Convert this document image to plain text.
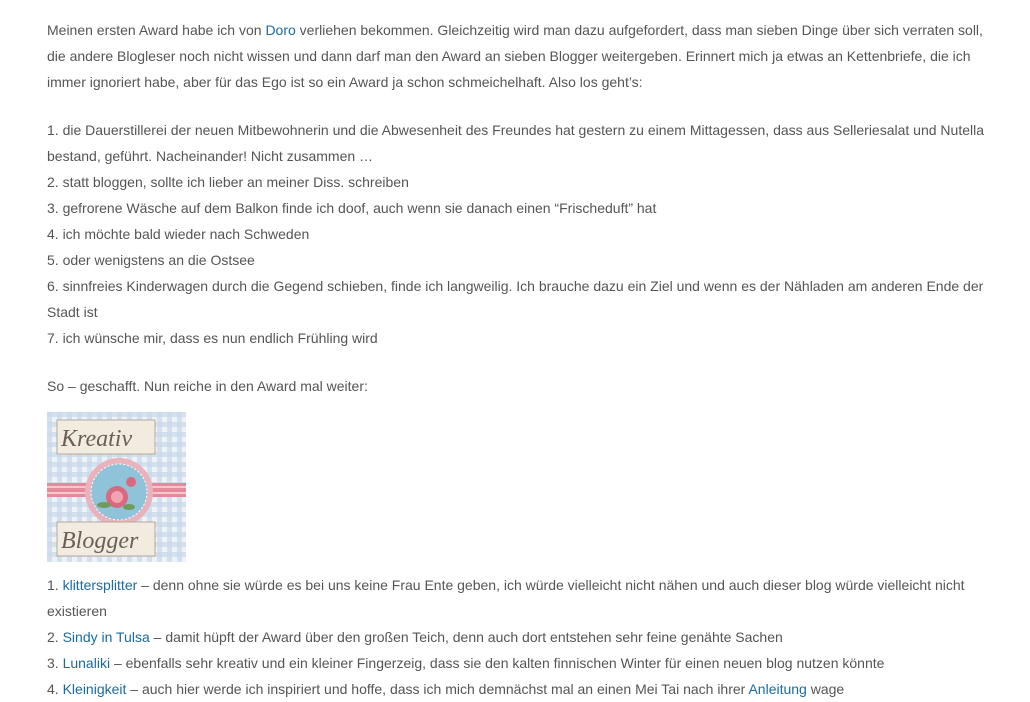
Meinen ersten Award habe ich von Doro verliehen bekommen. Gleichzeitig wird man dazu aufgefordert, dass man sieben Dinge über sich verraten soll, die andere Blogleser noch nicht wissen und dann darf man den Award an sieben Blogger weitergeben. Erinnert mich ja etwas an Kettenbriefe, die ich immer ignoriert habe, aber für das Ego ist so ein Award ja schon schmeichelhaft. Also los geht’s:

1. die Dauerstillerei der neuen Mitbewohnerin und die Abwesenheit des Freundes hat gestern zu einem Mittagessen, dass aus Selleriesalat und Nutella bestand, geführt. Nacheinander! Nicht zusammen …
2. statt bloggen, sollte ich lieber an meiner Diss. schreiben
3. gefrorene Wäsche auf dem Balkon finde ich doof, auch wenn sie danach einen “Frischeduft” hat
4. ich möchte bald wieder nach Schweden
5. oder wenigstens an die Ostsee
6. sinnfreies Kinderwagen durch die Gegend schieben, finde ich langweilig. Ich brauche dazu ein Ziel und wenn es der Nähladen am anderen Ende der Stadt ist
7. ich wünsche mir, dass es nun endlich Frühling wird

So – geschafft. Nun reiche in den Award mal weiter:

Kreativ
Blogger
1. klittersplitter – denn ohne sie würde es bei uns keine Frau Ente geben, ich würde vielleicht nicht nähen und auch dieser blog würde vielleicht nicht existieren
2. Sindy in Tulsa – damit hüpft der Award über den großen Teich, denn auch dort entstehen sehr feine genähte Sachen
3. Lunaliki – ebenfalls sehr kreativ und ein kleiner Fingerzeig, dass sie den kalten finnischen Winter für einen neuen blog nutzen könnte
4. Kleinigkeit – auch hier werde ich inspiriert und hoffe, dass ich mich demnächst mal an einen Mei Tai nach ihrer Anleitung wage
